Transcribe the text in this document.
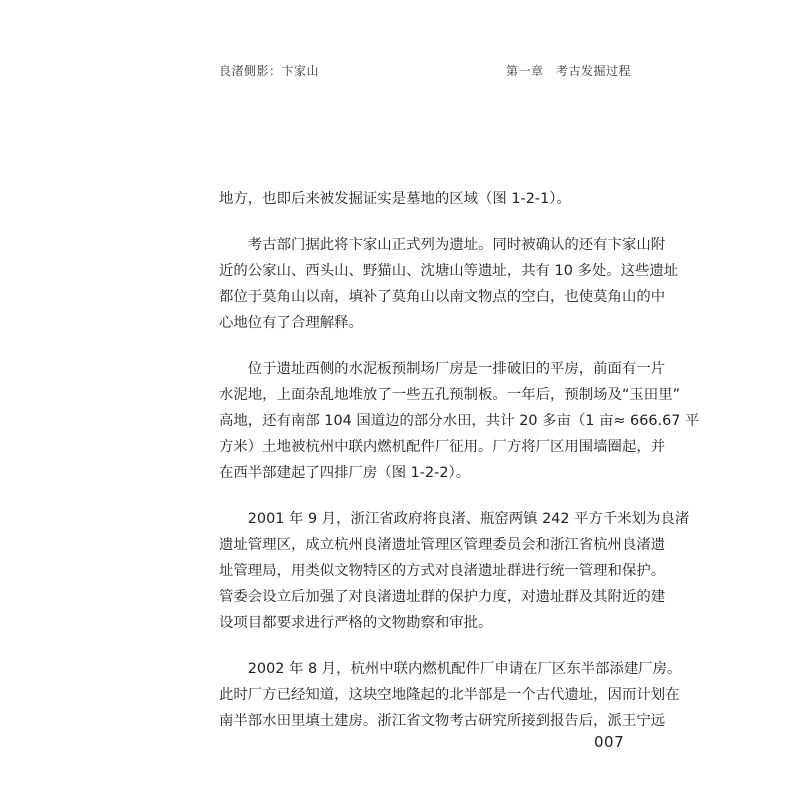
良渚側影：卞家山	第一章　考古发掘过程
地方，也即后来被发掘证实是墓地的区域（图 1-2-1）。
　　考古部门据此将卞家山正式列为遗址。同时被确认的还有卞家山附
近的公家山、西头山、野猫山、沈塘山等遗址，共有 10 多处。这些遗址
都位于莫角山以南，填补了莫角山以南文物点的空白，也使莫角山的中
心地位有了合理解释。
　　位于遗址西侧的水泥板预制场厂房是一排破旧的平房，前面有一片
水泥地，上面杂乱地堆放了一些五孔预制板。一年后，预制场及“玉田里”
高地，还有南部 104 国道边的部分水田，共计 20 多亩（1 亩≈ 666.67 平
方米）土地被杭州中联内燃机配件厂征用。厂方将厂区用围墙圈起，并
在西半部建起了四排厂房（图 1-2-2）。
　　2001 年 9 月，浙江省政府将良渚、瓶窑两镇 242 平方千米划为良渚
遗址管理区，成立杭州良渚遗址管理区管理委员会和浙江省杭州良渚遗
址管理局，用类似文物特区的方式对良渚遗址群进行统一管理和保护。
管委会设立后加强了对良渚遗址群的保护力度，对遗址群及其附近的建
设项目都要求进行严格的文物勘察和审批。
　　2002 年 8 月，杭州中联内燃机配件厂申请在厂区东半部添建厂房。
此时厂方已经知道，这块空地隆起的北半部是一个古代遗址，因而计划在
南半部水田里填土建房。浙江省文物考古研究所接到报告后，派王宁远
007
